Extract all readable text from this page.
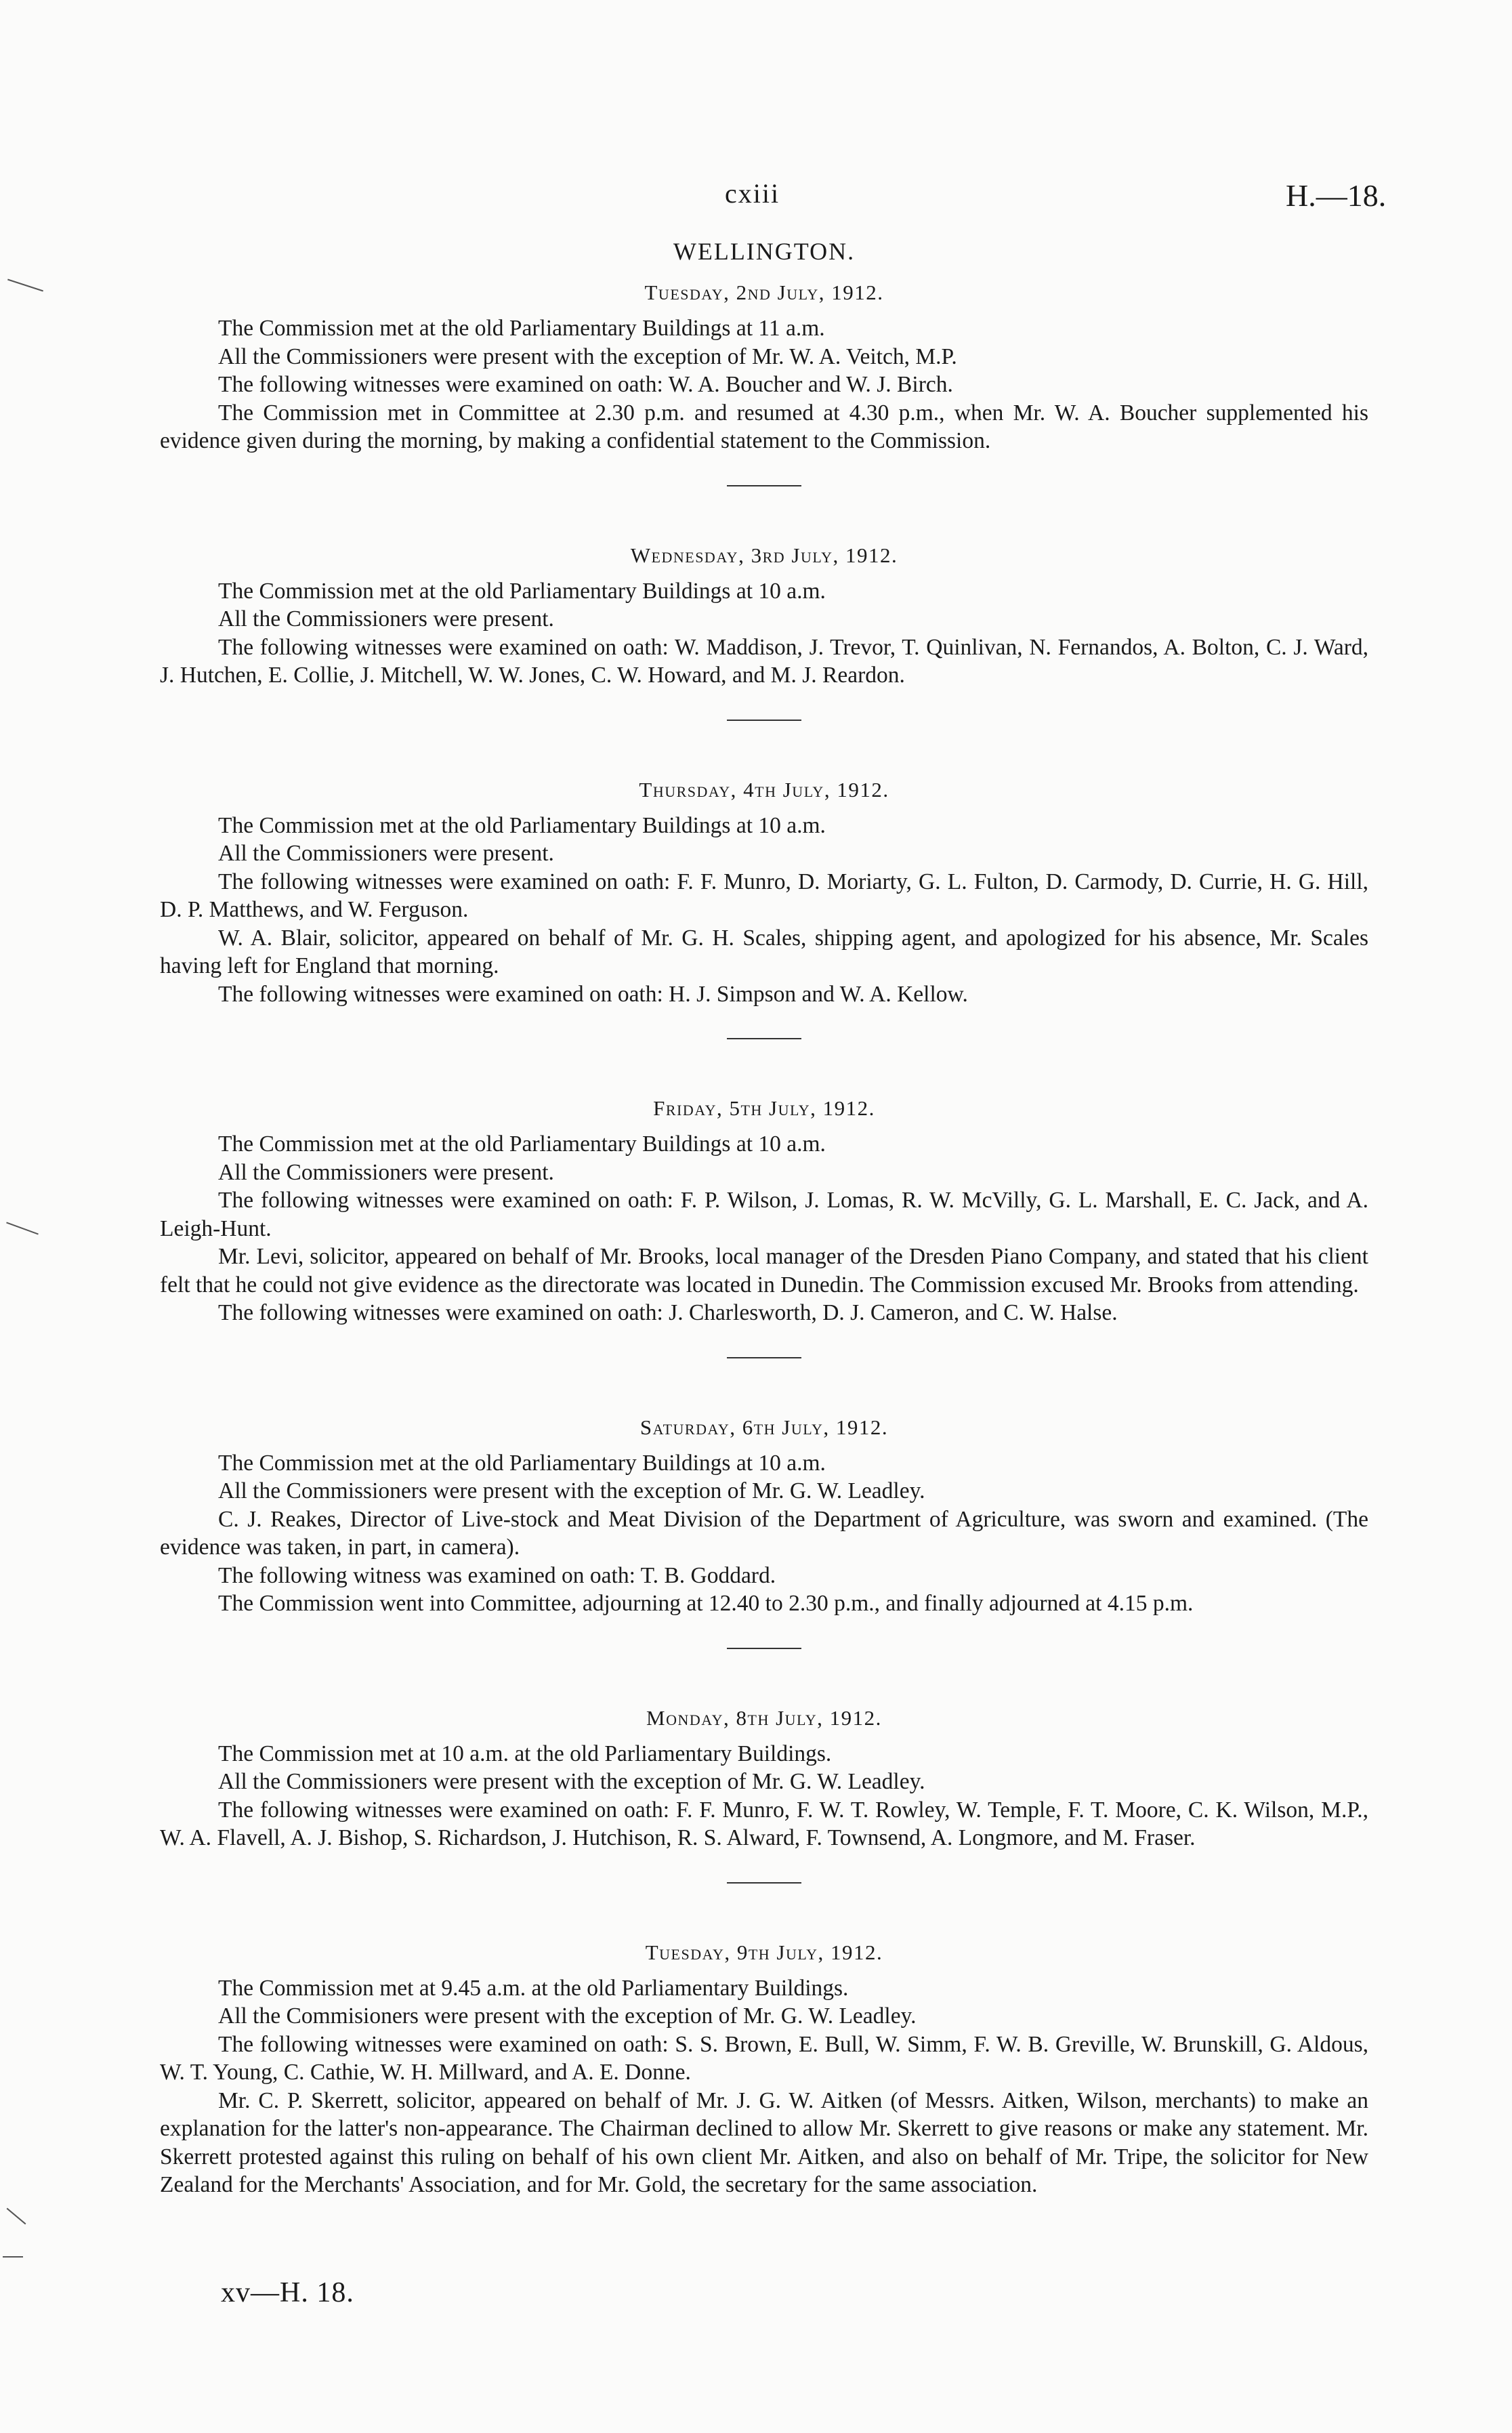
cxiii	H.—18.
WELLINGTON.
Tuesday, 2nd July, 1912.

The Commission met at the old Parliamentary Buildings at 11 a.m.

All the Commissioners were present with the exception of Mr. W. A. Veitch, M.P.

The following witnesses were examined on oath: W. A. Boucher and W. J. Birch.

The Commission met in Committee at 2.30 p.m. and resumed at 4.30 p.m., when Mr. W. A. Boucher supplemented his evidence given during the morning, by making a confidential statement to the Commission.

Wednesday, 3rd July, 1912.

The Commission met at the old Parliamentary Buildings at 10 a.m.

All the Commissioners were present.

The following witnesses were examined on oath: W. Maddison, J. Trevor, T. Quinlivan, N. Fernandos, A. Bolton, C. J. Ward, J. Hutchen, E. Collie, J. Mitchell, W. W. Jones, C. W. Howard, and M. J. Reardon.

Thursday, 4th July, 1912.

The Commission met at the old Parliamentary Buildings at 10 a.m.

All the Commissioners were present.

The following witnesses were examined on oath: F. F. Munro, D. Moriarty, G. L. Fulton, D. Carmody, D. Currie, H. G. Hill, D. P. Matthews, and W. Ferguson.

W. A. Blair, solicitor, appeared on behalf of Mr. G. H. Scales, shipping agent, and apologized for his absence, Mr. Scales having left for England that morning.

The following witnesses were examined on oath: H. J. Simpson and W. A. Kellow.

Friday, 5th July, 1912.

The Commission met at the old Parliamentary Buildings at 10 a.m.

All the Commissioners were present.

The following witnesses were examined on oath: F. P. Wilson, J. Lomas, R. W. McVilly, G. L. Marshall, E. C. Jack, and A. Leigh-Hunt.

Mr. Levi, solicitor, appeared on behalf of Mr. Brooks, local manager of the Dresden Piano Company, and stated that his client felt that he could not give evidence as the directorate was located in Dunedin. The Commission excused Mr. Brooks from attending.

The following witnesses were examined on oath: J. Charlesworth, D. J. Cameron, and C. W. Halse.

Saturday, 6th July, 1912.

The Commission met at the old Parliamentary Buildings at 10 a.m.

All the Commissioners were present with the exception of Mr. G. W. Leadley.

C. J. Reakes, Director of Live-stock and Meat Division of the Department of Agriculture, was sworn and examined. (The evidence was taken, in part, in camera).

The following witness was examined on oath: T. B. Goddard.

The Commission went into Committee, adjourning at 12.40 to 2.30 p.m., and finally adjourned at 4.15 p.m.

Monday, 8th July, 1912.

The Commission met at 10 a.m. at the old Parliamentary Buildings.

All the Commissioners were present with the exception of Mr. G. W. Leadley.

The following witnesses were examined on oath: F. F. Munro, F. W. T. Rowley, W. Temple, F. T. Moore, C. K. Wilson, M.P., W. A. Flavell, A. J. Bishop, S. Richardson, J. Hutchison, R. S. Alward, F. Townsend, A. Longmore, and M. Fraser.

Tuesday, 9th July, 1912.

The Commission met at 9.45 a.m. at the old Parliamentary Buildings.

All the Commisioners were present with the exception of Mr. G. W. Leadley.

The following witnesses were examined on oath: S. S. Brown, E. Bull, W. Simm, F. W. B. Greville, W. Brunskill, G. Aldous, W. T. Young, C. Cathie, W. H. Millward, and A. E. Donne.

Mr. C. P. Skerrett, solicitor, appeared on behalf of Mr. J. G. W. Aitken (of Messrs. Aitken, Wilson, merchants) to make an explanation for the latter's non-appearance. The Chairman declined to allow Mr. Skerrett to give reasons or make any statement. Mr. Skerrett protested against this ruling on behalf of his own client Mr. Aitken, and also on behalf of Mr. Tripe, the solicitor for New Zealand for the Merchants' Association, and for Mr. Gold, the secretary for the same association.

xv—H. 18.
